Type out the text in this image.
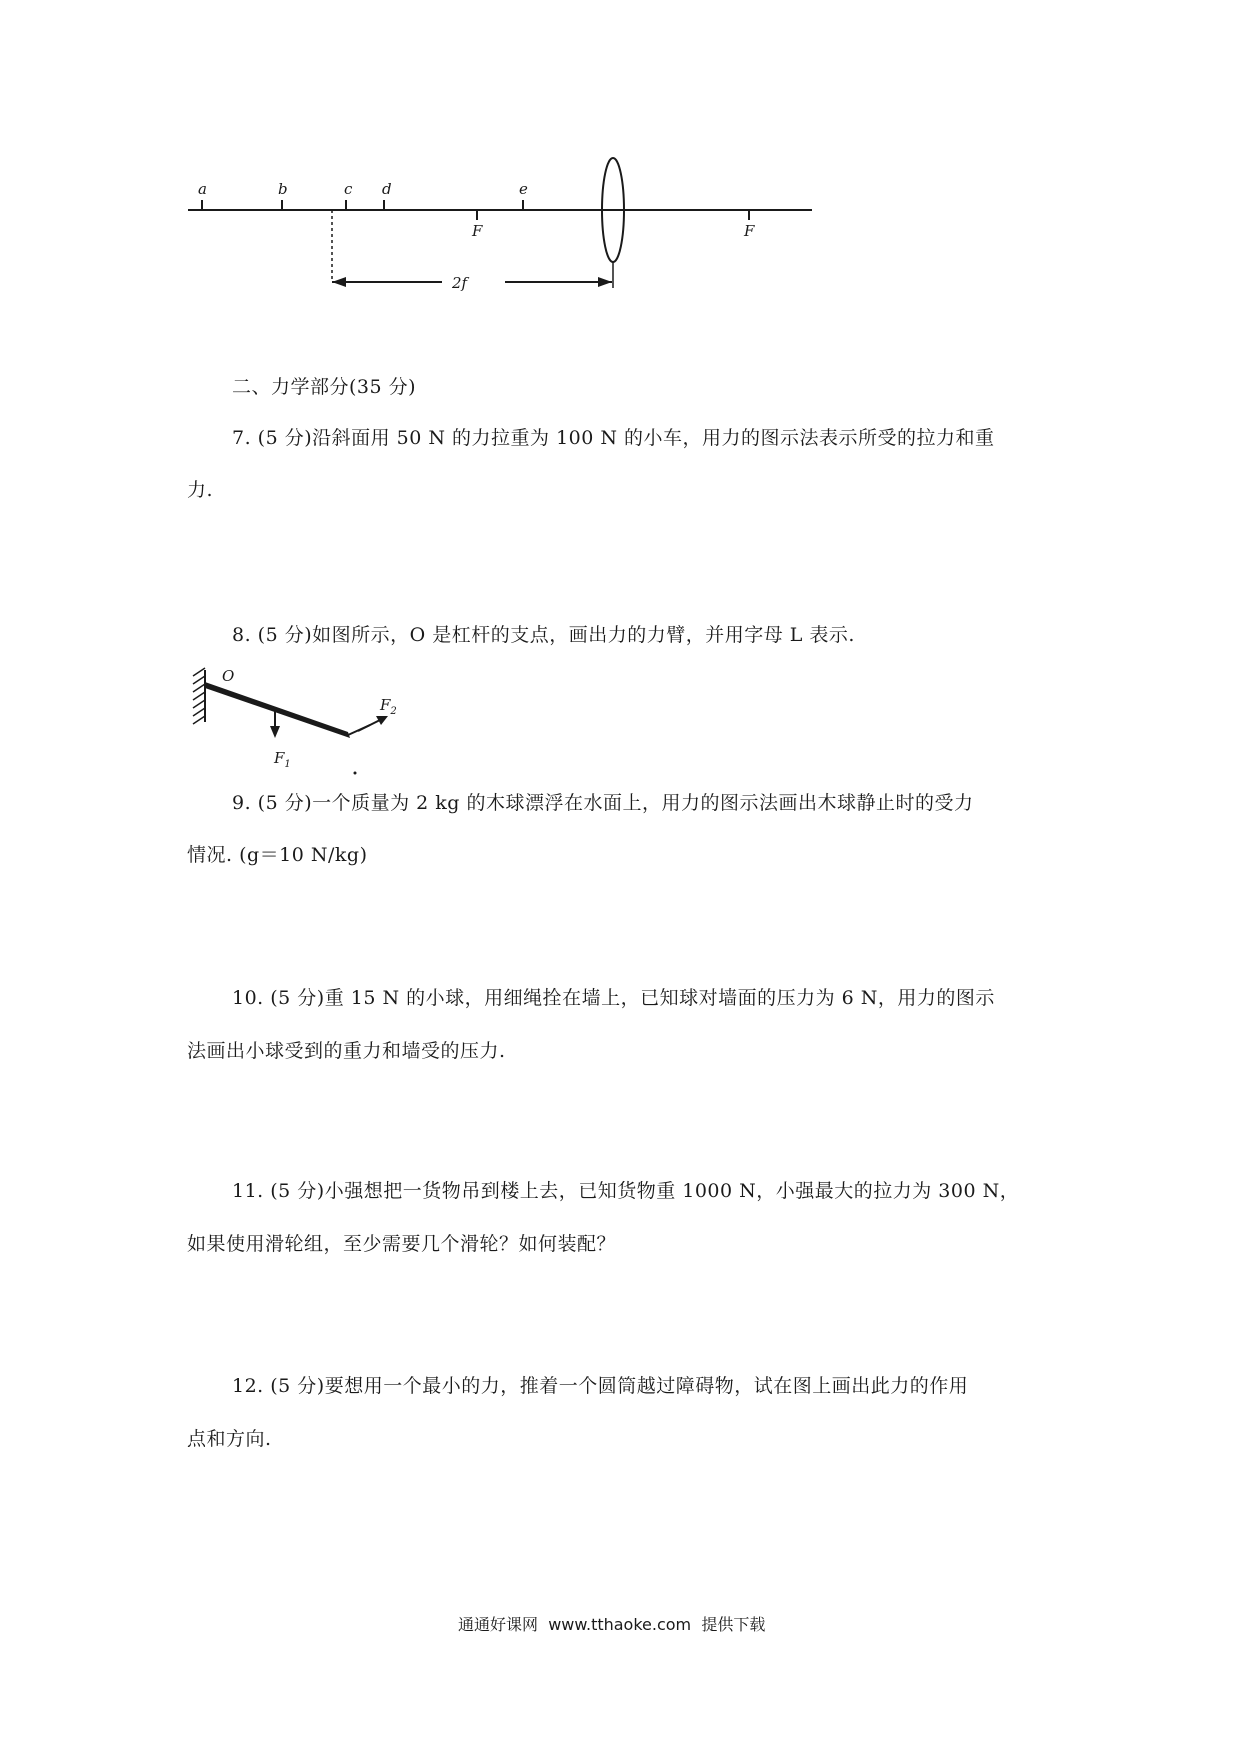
a	b	c d	e
F	F
2f
二、力学部分(35 分)
7. (5 分)沿斜面用 50 N 的力拉重为 100 N 的小车，用力的图示法表示所受的拉力和重
力.
8. (5 分)如图所示，O 是杠杆的支点，画出力的力臂，并用字母 L 表示.
O
$F_1$
$F_2$
9. (5 分)一个质量为 2 kg 的木球漂浮在水面上，用力的图示法画出木球静止时的受力
情况. (g＝10 N/kg)
10. (5 分)重 15 N 的小球，用细绳拴在墙上，已知球对墙面的压力为 6 N，用力的图示
法画出小球受到的重力和墙受的压力.
11. (5 分)小强想把一货物吊到楼上去，已知货物重 1000 N，小强最大的拉力为 300 N，
如果使用滑轮组，至少需要几个滑轮？如何装配？
12. (5 分)要想用一个最小的力，推着一个圆筒越过障碍物，试在图上画出此力的作用
点和方向.
通通好课网 www.tthaoke.com 提供下载
